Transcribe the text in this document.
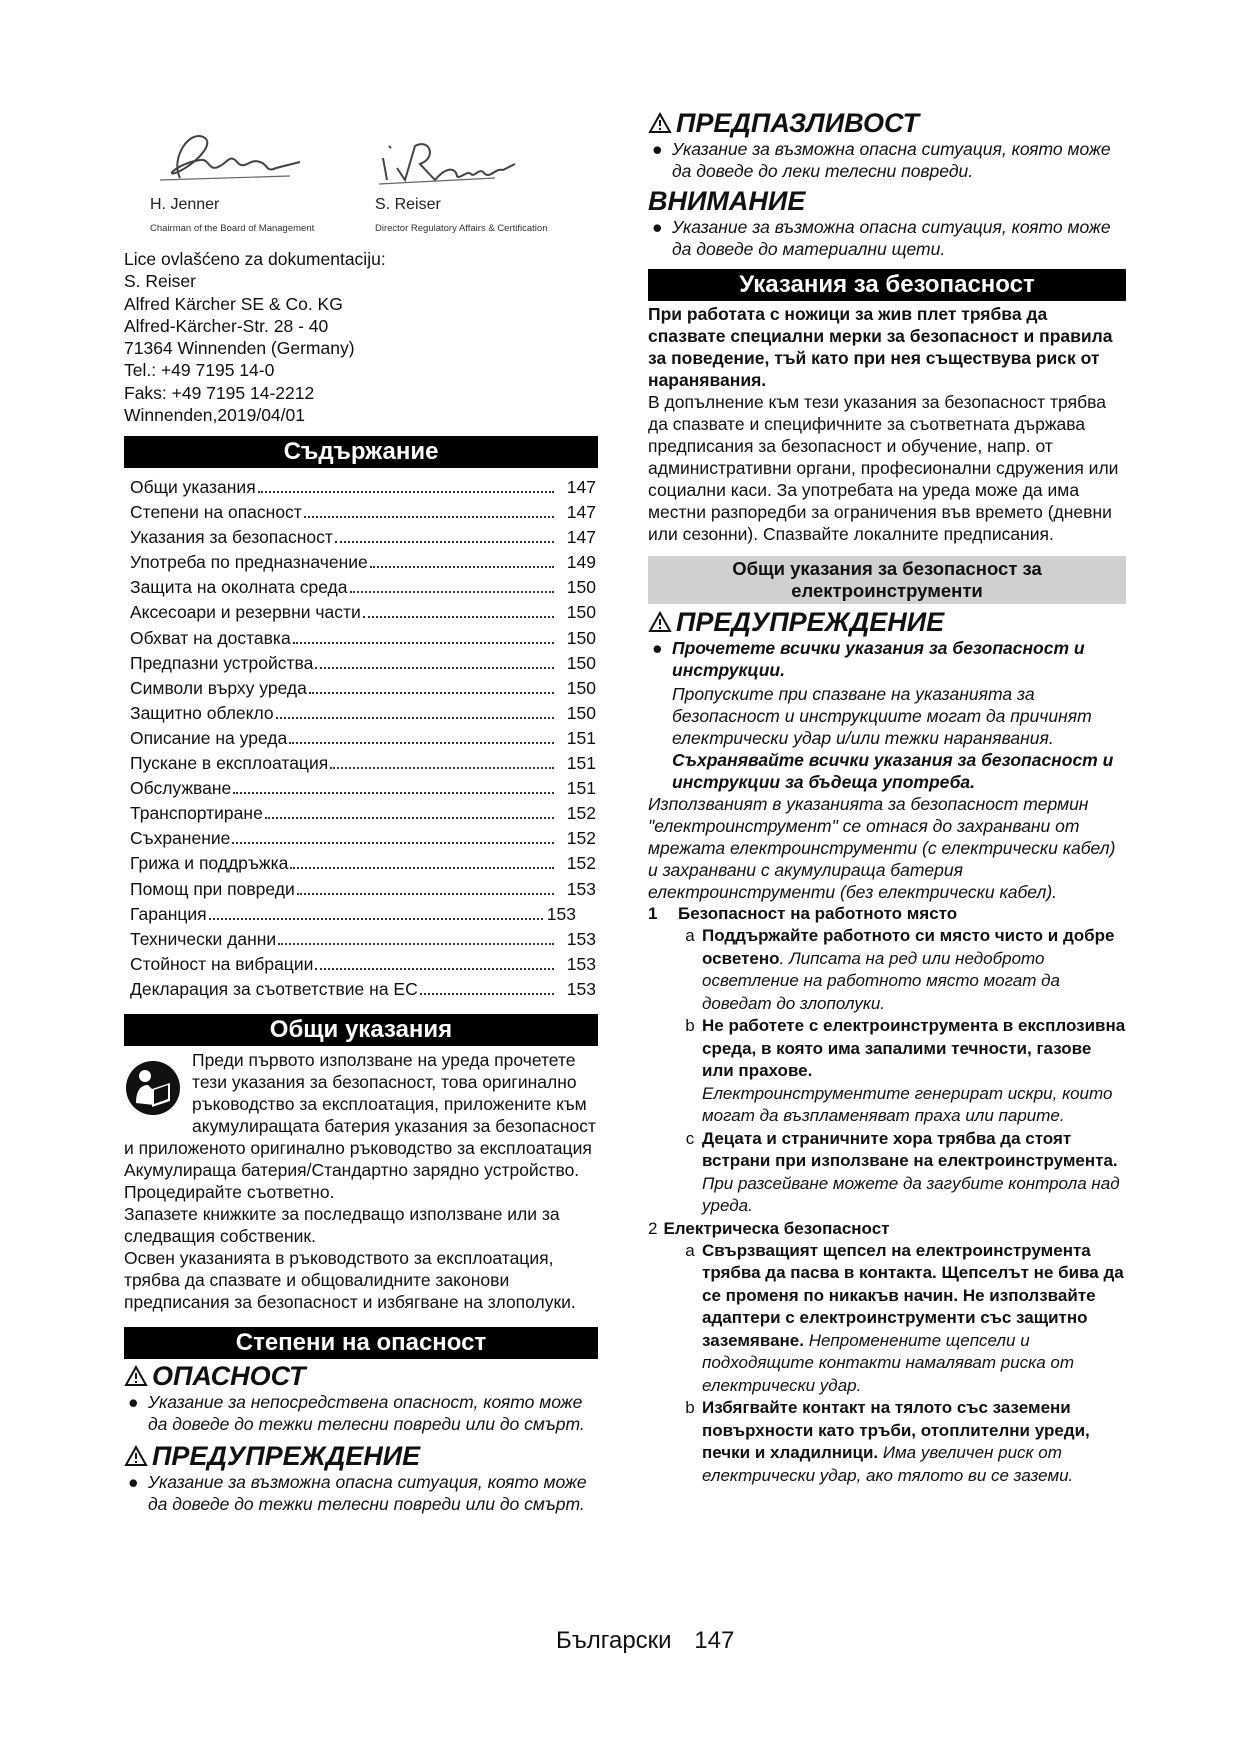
H. Jenner
Chairman of the Board of Management
S. Reiser
Director Regulatory Affairs & Certification
Lice ovlašćeno za dokumentaciju:
S. Reiser
Alfred Kärcher SE & Co. KG
Alfred-Kärcher-Str. 28 - 40
71364 Winnenden (Germany)
Tel.: +49 7195 14-0
Faks: +49 7195 14-2212
Winnenden,2019/04/01
Съдържание
Общи указания	147
Степени на опасност	147
Указания за безопасност	147
Употреба по предназначение	149
Защита на околната среда	150
Аксесоари и резервни части	150
Обхват на доставка	150
Предпазни устройства	150
Символи върху уреда	150
Защитно облекло	150
Описание на уреда	151
Пускане в експлоатация	151
Обслужване	151
Транспортиране	152
Съхранение	152
Грижа и поддръжка	152
Помощ при повреди	153
Гаранция	153
Технически данни	153
Стойност на вибрации	153
Декларация за съответствие на ЕС	153
Общи указания

Преди първото използване на уреда прочетете тези указания за безопасност, това оригинално ръководство за експлоатация, приложените към акумулиращата батерия указания за безопасност и приложеното оригинално ръководство за експлоатация Акумулираща батерия/Стандартно зарядно устройство. Процедирайте съответно.

Запазете книжките за последващо използване или за следващия собственик.

Освен указанията в ръководството за експлоатация, трябва да спазвате и общовалидните законови предписания за безопасност и избягване на злополуки.

Степени на опасност
ОПАСНОСТ
● Указание за непосредствена опасност, която може да доведе до тежки телесни повреди или до смърт.
ПРЕДУПРЕЖДЕНИЕ
● Указание за възможна опасна ситуация, която може да доведе до тежки телесни повреди или до смърт.
ПРЕДПАЗЛИВОСТ
● Указание за възможна опасна ситуация, която може да доведе до леки телесни повреди.
ВНИМАНИЕ
● Указание за възможна опасна ситуация, която може да доведе до материални щети.
Указания за безопасност

При работата с ножици за жив плет трябва да спазвате специални мерки за безопасност и правила за поведение, тъй като при нея съществува риск от наранявания.

В допълнение към тези указания за безопасност трябва да спазвате и специфичните за съответната държава предписания за безопасност и обучение, напр. от административни органи, професионални сдружения или социални каси. За употребата на уреда може да има местни разпоредби за ограничения във времето (дневни или сезонни). Спазвайте локалните предписания.

Общи указания за безопасност за електроинструменти
ПРЕДУПРЕЖДЕНИЕ
● Прочетете всички указания за безопасност и инструкции.

Пропуските при спазване на указанията за безопасност и инструкциите могат да причинят електрически удар и/или тежки наранявания. Съхранявайте всички указания за безопасност и инструкции за бъдеща употреба.

Използваният в указанията за безопасност термин "електроинструмент" се отнася до захранвани от мрежата електроинструменти (с електрически кабел) и захранвани с акумулираща батерия електроинструменти (без електрически кабел).

1	Безопасност на работното място
a Поддържайте работното си място чисто и добре осветено. Липсата на ред или недоброто осветление на работното място могат да доведат до злополуки.
b Не работете с електроинструмента в експлозивна среда, в която има запалими течности, газове или прахове.
Електроинструментите генерират искри, които могат да възпламеняват праха или парите.
c Децата и страничните хора трябва да стоят встрани при използване на електроинструмента. При разсейване можете да загубите контрола над уреда.
2 Електрическа безопасност
a Свързващият щепсел на електроинструмента трябва да пасва в контакта. Щепселът не бива да се променя по никакъв начин. Не използвайте адаптери с електроинструменти със защитно заземяване. Непроменените щепсели и подходящите контакти намаляват риска от електрически удар.
b Избягвайте контакт на тялото със заземени повърхности като тръби, отоплителни уреди, печки и хладилници. Има увеличен риск от електрически удар, ако тялото ви се заземи.
Български 147
